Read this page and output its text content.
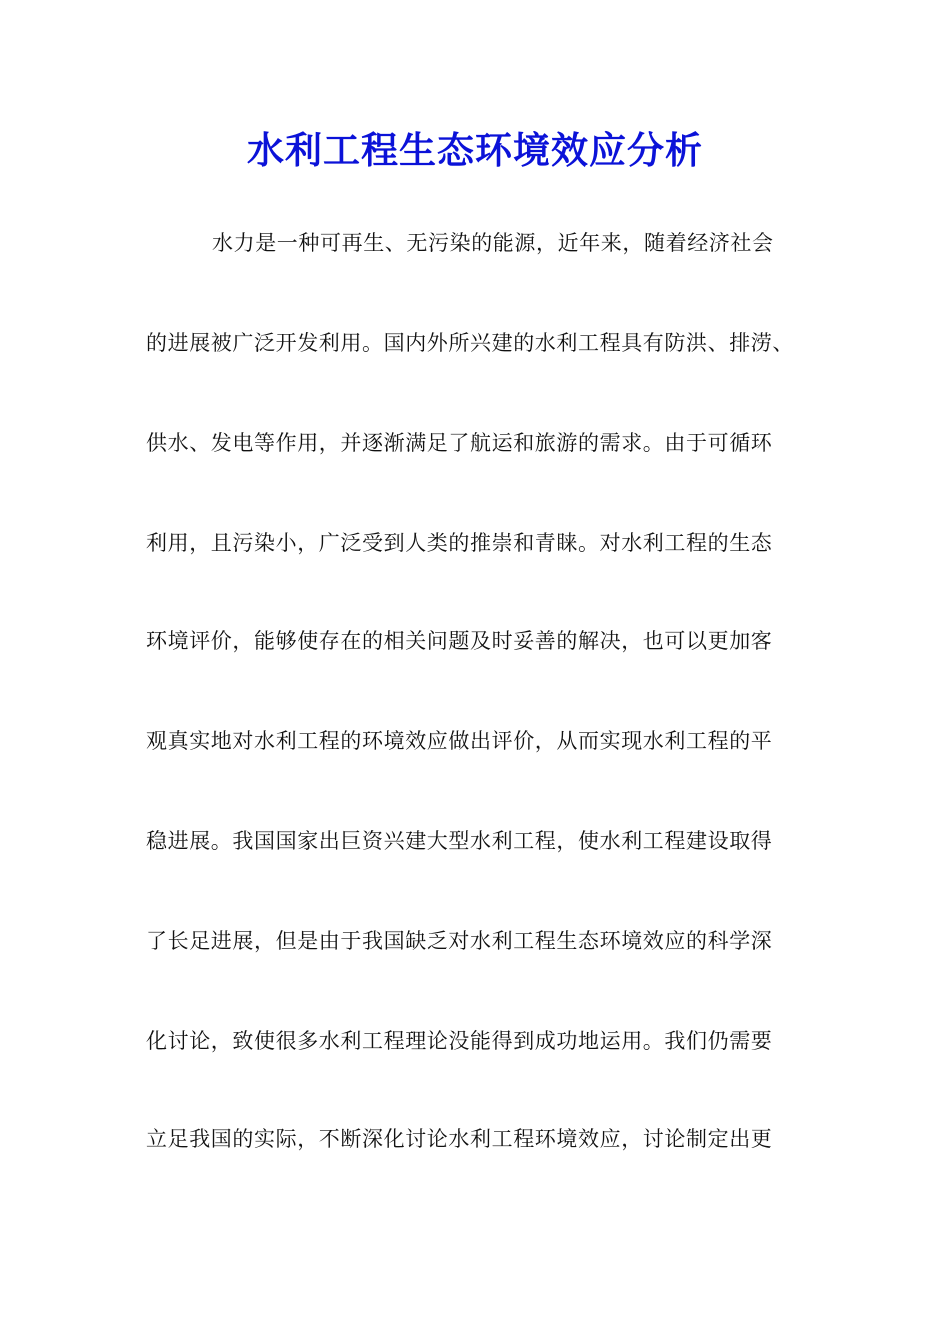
水利工程生态环境效应分析
水力是一种可再生、无污染的能源，近年来，随着经济社会
的进展被广泛开发利用。国内外所兴建的水利工程具有防洪、排涝、
供水、发电等作用，并逐渐满足了航运和旅游的需求。由于可循环
利用，且污染小，广泛受到人类的推崇和青睐。对水利工程的生态
环境评价，能够使存在的相关问题及时妥善的解决，也可以更加客
观真实地对水利工程的环境效应做出评价，从而实现水利工程的平
稳进展。我国国家出巨资兴建大型水利工程，使水利工程建设取得
了长足进展，但是由于我国缺乏对水利工程生态环境效应的科学深
化讨论，致使很多水利工程理论没能得到成功地运用。我们仍需要
立足我国的实际，不断深化讨论水利工程环境效应，讨论制定出更
